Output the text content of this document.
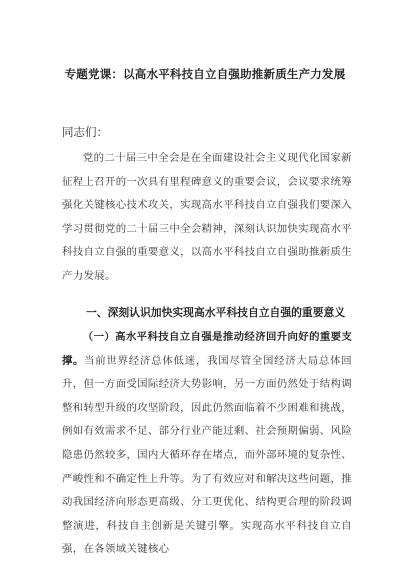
专题党课：以高水平科技自立自强助推新质生产力发展
同志们：

党的二十届三中全会是在全面建设社会主义现代化国家新征程上召开的一次具有里程碑意义的重要会议，会议要求统筹强化关键核心技术攻关，实现高水平科技自立自强我们要深入学习贯彻党的二十届三中全会精神，深刻认识加快实现高水平科技自立自强的重要意义，以高水平科技自立自强助推新质生产力发展。

一、深刻认识加快实现高水平科技自立自强的重要意义

（一）高水平科技自立自强是推动经济回升向好的重要支撑。当前世界经济总体低迷，我国尽管全国经济大局总体回升，但一方面受国际经济大势影响，另一方面仍然处于结构调整和转型升级的攻坚阶段，因此仍然面临着不少困难和挑战，例如有效需求不足、部分行业产能过剩、社会预期偏弱、风险隐患仍然较多，国内大循环存在堵点，而外部环境的复杂性、严峻性和不确定性上升等。为了有效应对和解决这些问题，推动我国经济向形态更高级、分工更优化、结构更合理的阶段调整演进，科技自主创新是关键引擎。实现高水平科技自立自强，在各领域关键核心
